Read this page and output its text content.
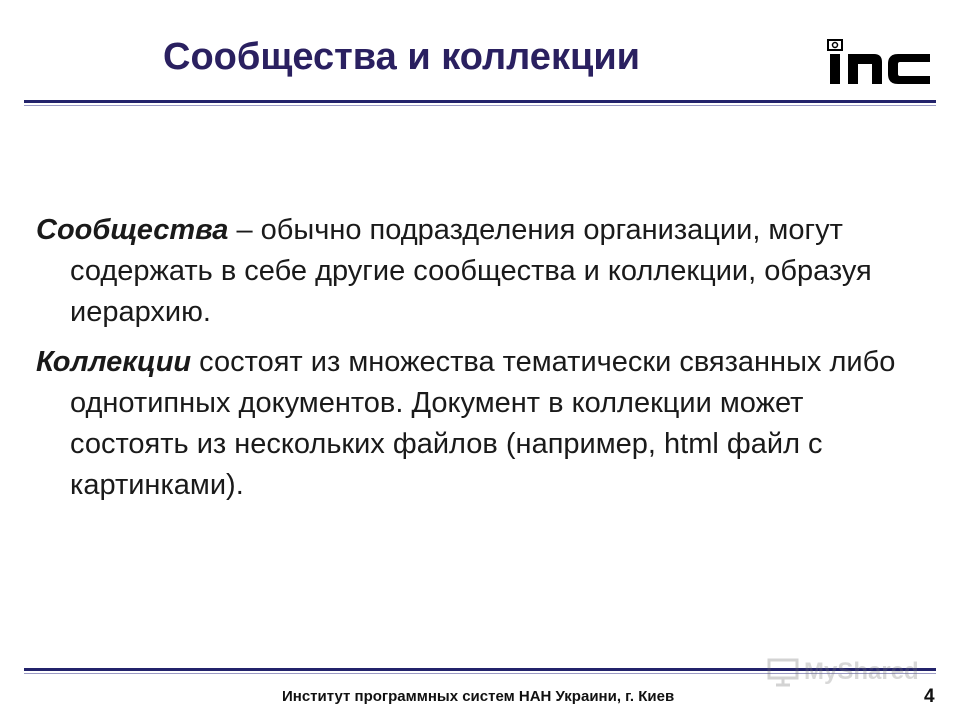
Сообщества и коллекции

Сообщества – обычно подразделения организации, могут содержать в себе другие сообщества и коллекции, образуя иерархию.

Коллекции состоят из множества тематически связанных либо однотипных документов. Документ в коллекции может состоять из нескольких файлов (например, html файл с картинками).

MyShared
Институт программных систем НАН Украини, г. Киев	4
